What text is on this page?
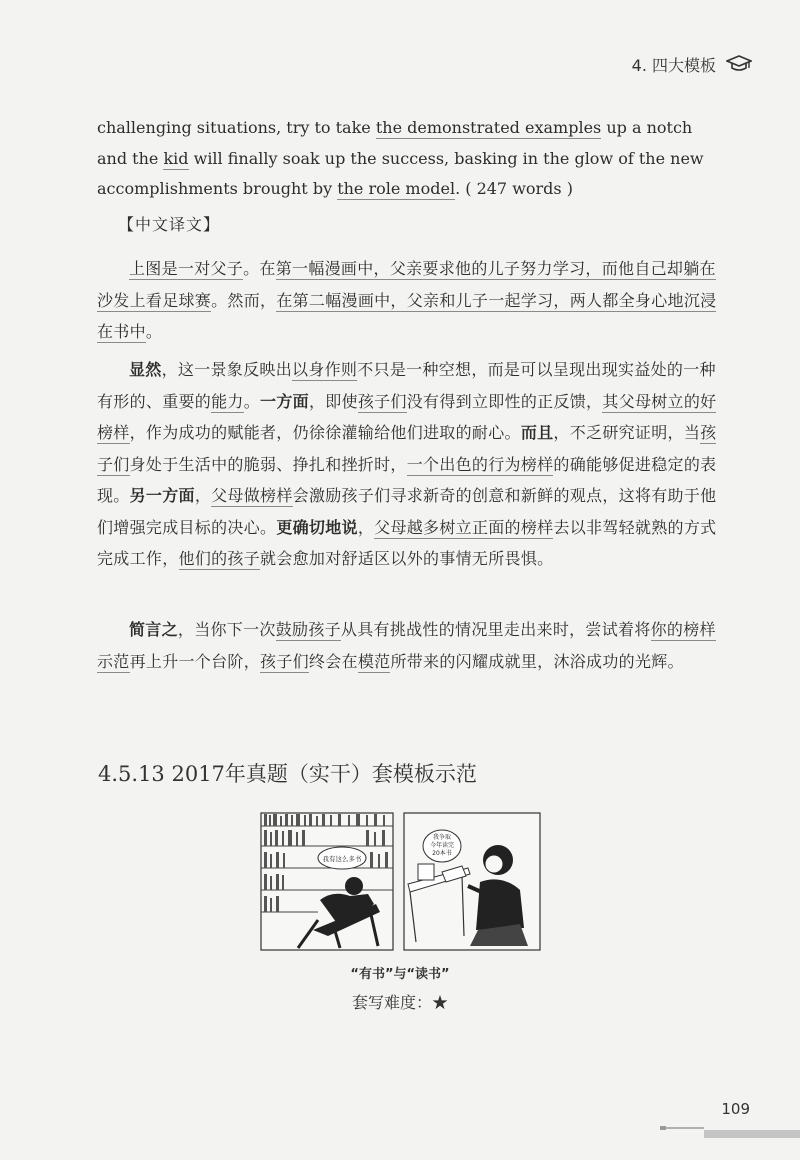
4. 四大模板

challenging situations, try to take the demonstrated examples up a notch and the kid will finally soak up the success, basking in the glow of the new accomplishments brought by the role model. ( 247 words )

【中文译文】

上图是一对父子。在第一幅漫画中，父亲要求他的儿子努力学习，而他自己却躺在沙发上看足球赛。然而，在第二幅漫画中，父亲和儿子一起学习，两人都全身心地沉浸在书中。

显然，这一景象反映出以身作则不只是一种空想，而是可以呈现出现实益处的一种有形的、重要的能力。一方面，即使孩子们没有得到立即性的正反馈，其父母树立的好榜样，作为成功的赋能者，仍徐徐灌输给他们进取的耐心。而且，不乏研究证明，当孩子们身处于生活中的脆弱、挣扎和挫折时，一个出色的行为榜样的确能够促进稳定的表现。另一方面，父母做榜样会激励孩子们寻求新奇的创意和新鲜的观点，这将有助于他们增强完成目标的决心。更确切地说，父母越多树立正面的榜样去以非驾轻就熟的方式完成工作，他们的孩子就会愈加对舒适区以外的事情无所畏惧。

简言之，当你下一次鼓励孩子从具有挑战性的情况里走出来时，尝试着将你的榜样示范再上升一个台阶，孩子们终会在模范所带来的闪耀成就里，沐浴成功的光辉。

4.5.13 2017年真题（实干）套模板示范
我有这么多书
我争取
今年读完
20本书
“有书”与“读书”
套写难度：★
109
